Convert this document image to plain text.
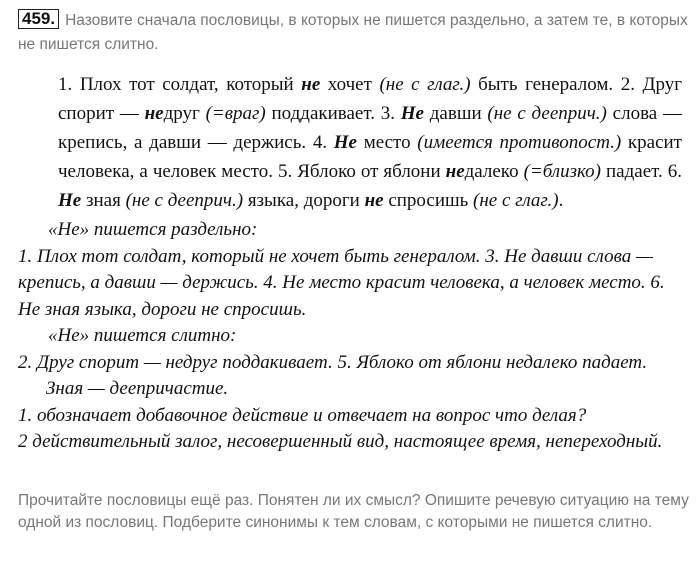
459. Назовите сначала пословицы, в которых не пишется раздельно, а затем те, в которых не пишется слитно.
1. Плох тот солдат, который не хочет (не с глаг.) быть генералом. 2. Друг спорит — недруг (=враг) поддакивает. 3. Не давши (не с дееприч.) слова — крепись, а давши — держись. 4. Не место (имеется противопост.) красит человека, а человек место. 5. Яблоко от яблони недалеко (=близко) падает. 6. Не зная (не с дееприч.) языка, дороги не спросишь (не с глаг.).
«Не» пишется раздельно:
1. Плох тот солдат, который не хочет быть генералом. 3. Не давши слова — крепись, а давши — держись. 4. Не место красит человека, а человек место. 6. Не зная языка, дороги не спросишь.
«Не» пишется слитно:
2. Друг спорит — недруг поддакивает. 5. Яблоко от яблони недалеко падает.
Зная — деепричастие.
1. обозначает добавочное действие и отвечает на вопрос что делая?
2 действительный залог, несовершенный вид, настоящее время, непереходный.
Прочитайте пословицы ещё раз. Понятен ли их смысл? Опишите речевую ситуацию на тему одной из пословиц. Подберите синонимы к тем словам, с которыми не пишется слитно.
